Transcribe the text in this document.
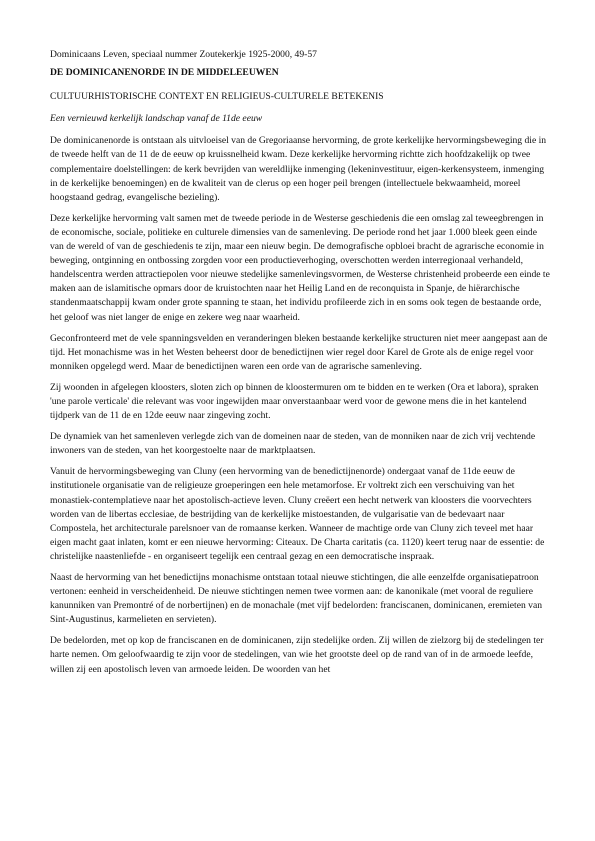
Dominicaans Leven, speciaal nummer Zoutekerkje 1925-2000, 49-57

DE DOMINICANENORDE IN DE MIDDELEEUWEN

CULTUURHISTORISCHE CONTEXT EN RELIGIEUS-CULTURELE BETEKENIS

Een vernieuwd kerkelijk landschap vanaf de 11de eeuw

De dominicanenorde is ontstaan als uitvloeisel van de Gregoriaanse hervorming, de grote kerkelijke hervormingsbeweging die in de tweede helft van de 11 de de eeuw op kruissnelheid kwam. Deze kerkelijke hervorming richtte zich hoofdzakelijk op twee complementaire doelstellingen: de kerk bevrijden van wereldlijke inmenging (lekeninvestituur, eigen-kerkensysteem, inmenging in de kerkelijke benoemingen) en de kwaliteit van de clerus op een hoger peil brengen (intellectuele bekwaamheid, moreel hoogstaand gedrag, evangelische bezieling).

Deze kerkelijke hervorming valt samen met de tweede periode in de Westerse geschiedenis die een omslag zal teweegbrengen in de economische, sociale, politieke en culturele dimensies van de samenleving. De periode rond het jaar 1.000 bleek geen einde van de wereld of van de geschiedenis te zijn, maar een nieuw begin. De demografische opbloei bracht de agrarische economie in beweging, ontginning en ontbossing zorgden voor een productieverhoging, overschotten werden interregionaal verhandeld, handelscentra werden attractiepolen voor nieuwe stedelijke samenlevingsvormen, de Westerse christenheid probeerde een einde te maken aan de islamitische opmars door de kruistochten naar het Heilig Land en de reconquista in Spanje, de hiërarchische standenmaatschappij kwam onder grote spanning te staan, het individu profileerde zich in en soms ook tegen de bestaande orde, het geloof was niet langer de enige en zekere weg naar waarheid.

Geconfronteerd met de vele spanningsvelden en veranderingen bleken bestaande kerkelijke structuren niet meer aangepast aan de tijd. Het monachisme was in het Westen beheerst door de benedictijnen wier regel door Karel de Grote als de enige regel voor monniken opgelegd werd. Maar de benedictijnen waren een orde van de agrarische samenleving.

Zij woonden in afgelegen kloosters, sloten zich op binnen de kloostermuren om te bidden en te werken (Ora et labora), spraken 'une parole verticale' die relevant was voor ingewijden maar onverstaanbaar werd voor de gewone mens die in het kantelend tijdperk van de 11 de en 12de eeuw naar zingeving zocht.

De dynamiek van het samenleven verlegde zich van de domeinen naar de steden, van de monniken naar de zich vrij vechtende inwoners van de steden, van het koorgestoelte naar de marktplaatsen.

Vanuit de hervormingsbeweging van Cluny (een hervorming van de benedictijnenorde) ondergaat vanaf de 11de eeuw de institutionele organisatie van de religieuze groeperingen een hele metamorfose. Er voltrekt zich een verschuiving van het monastiek-contemplatieve naar het apostolisch-actieve leven. Cluny creëert een hecht netwerk van kloosters die voorvechters worden van de libertas ecclesiae, de bestrijding van de kerkelijke mistoestanden, de vulgarisatie van de bedevaart naar Compostela, het architecturale parelsnoer van de romaanse kerken. Wanneer de machtige orde van Cluny zich teveel met haar eigen macht gaat inlaten, komt er een nieuwe hervorming: Citeaux. De Charta caritatis (ca. 1120) keert terug naar de essentie: de christelijke naastenliefde - en organiseert tegelijk een centraal gezag en een democratische inspraak.

Naast de hervorming van het benedictijns monachisme ontstaan totaal nieuwe stichtingen, die alle eenzelfde organisatiepatroon vertonen: eenheid in verscheidenheid. De nieuwe stichtingen nemen twee vormen aan: de kanonikale (met vooral de reguliere kanunniken van Premontré of de norbertijnen) en de monachale (met vijf bedelorden: franciscanen, dominicanen, eremieten van Sint-Augustinus, karmelieten en servieten).

De bedelorden, met op kop de franciscanen en de dominicanen, zijn stedelijke orden. Zij willen de zielzorg bij de stedelingen ter harte nemen. Om geloofwaardig te zijn voor de stedelingen, van wie het grootste deel op de rand van of in de armoede leefde, willen zij een apostolisch leven van armoede leiden. De woorden van het
